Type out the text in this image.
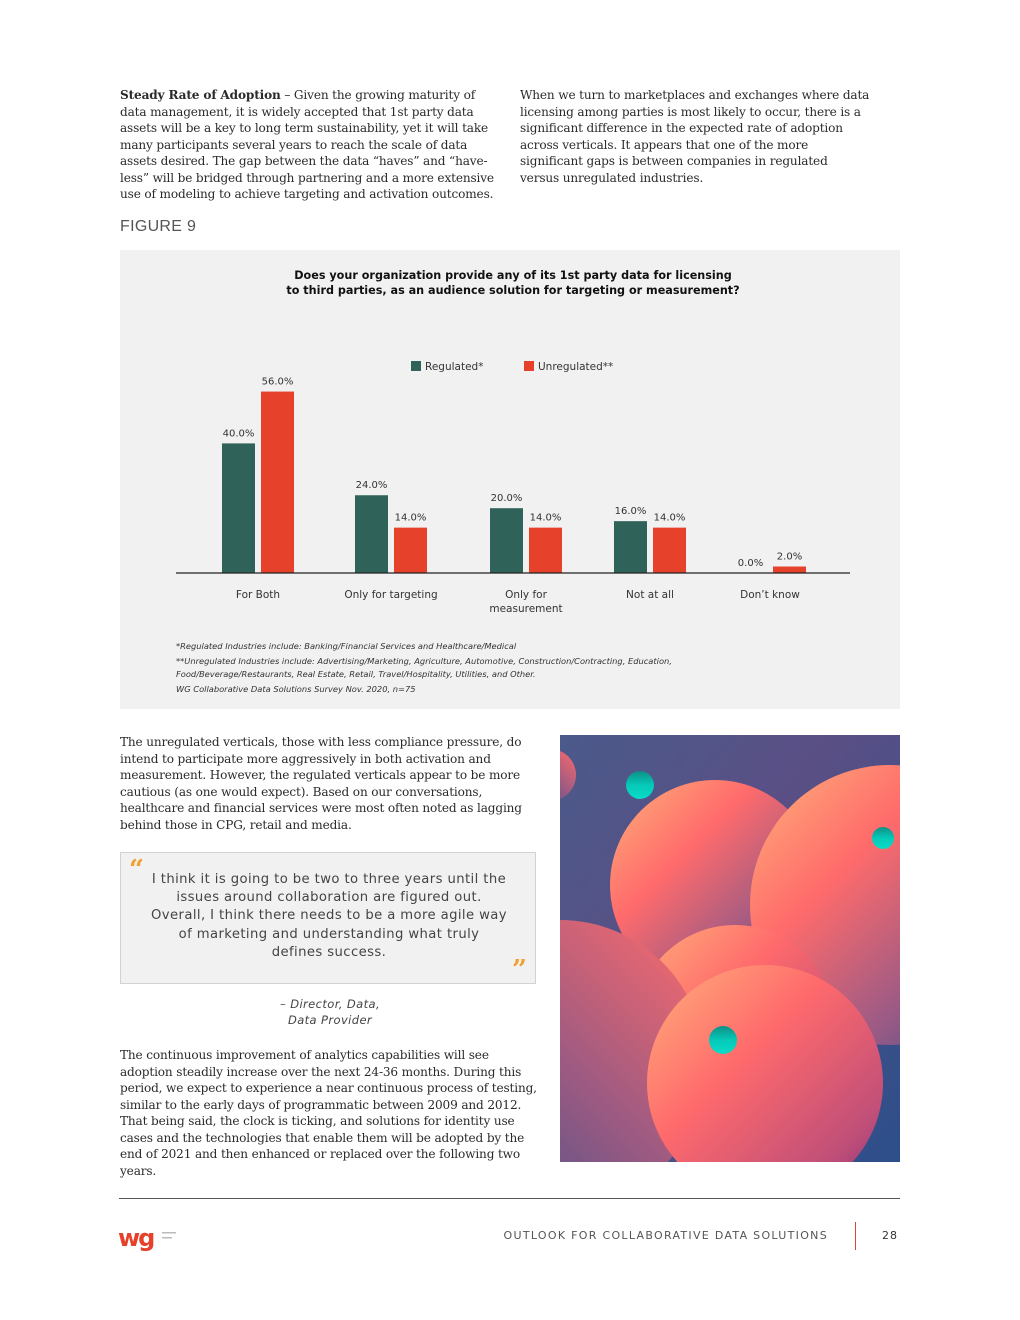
Steady Rate of Adoption – Given the growing maturity of data management, it is widely accepted that 1st party data assets will be a key to long term sustainability, yet it will take many participants several years to reach the scale of data assets desired. The gap between the data “haves” and “have-less” will be bridged through partnering and a more extensive use of modeling to achieve targeting and activation outcomes.
When we turn to marketplaces and exchanges where data licensing among parties is most likely to occur, there is a significant difference in the expected rate of adoption across verticals. It appears that one of the more significant gaps is between companies in regulated versus unregulated industries.
FIGURE 9
Does your organization provide any of its 1st party data for licensing
to third parties, as an audience solution for targeting or measurement?
Regulated*	Unregulated**
40.0%
56.0%
24.0%
14.0%
20.0%
14.0%
16.0%
14.0%
0.0%
2.0%
For Both	Only for targeting	Only for
measurement
Not at all	Don’t know
*Regulated Industries include: Banking/Financial Services and Healthcare/Medical
**Unregulated Industries include: Advertising/Marketing, Agriculture, Automotive, Construction/Contracting, Education,
Food/Beverage/Restaurants, Real Estate, Retail, Travel/Hospitality, Utilities, and Other.
WG Collaborative Data Solutions Survey Nov. 2020, n=75
The unregulated verticals, those with less compliance pressure, do intend to participate more aggressively in both activation and measurement. However, the regulated verticals appear to be more cautious (as one would expect). Based on our conversations, healthcare and financial services were most often noted as lagging behind those in CPG, retail and media.
“ I think it is going to be two to three years until the issues around collaboration are figured out. Overall, I think there needs to be a more agile way of marketing and understanding what truly defines success.
”
– Director, Data,
Data Provider
The continuous improvement of analytics capabilities will see adoption steadily increase over the next 24-36 months. During this period, we expect to experience a near continuous process of testing, similar to the early days of programmatic between 2009 and 2012. That being said, the clock is ticking, and solutions for identity use cases and the technologies that enable them will be adopted by the end of 2021 and then enhanced or replaced over the following two years.
wg	OUTLOOK FOR COLLABORATIVE DATA SOLUTIONS	28
